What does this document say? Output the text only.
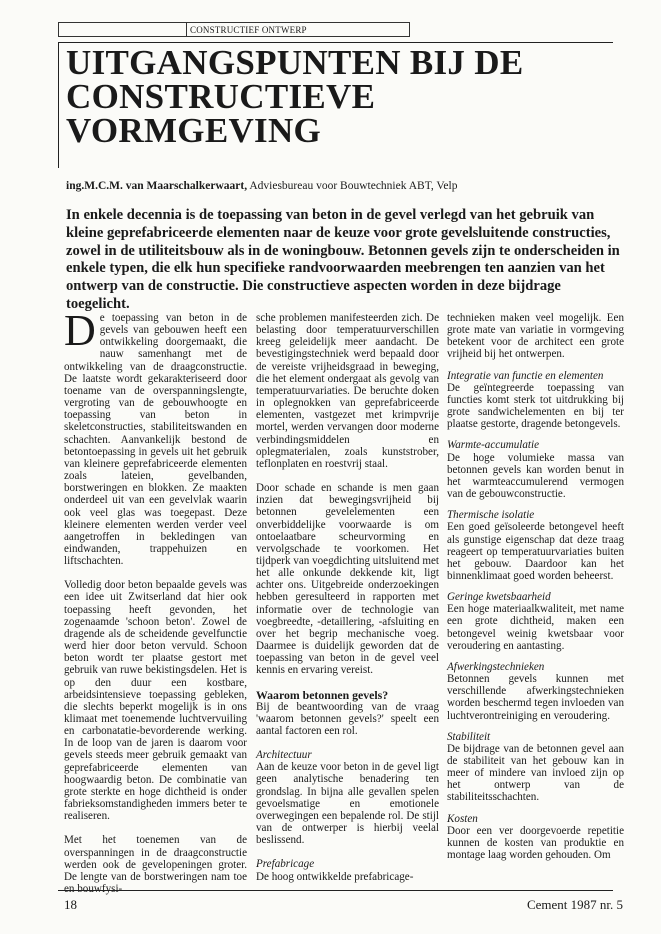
CONSTRUCTIEF ONTWERP
UITGANGSPUNTEN BIJ DE CONSTRUCTIEVE VORMGEVING
ing.M.C.M. van Maarschalkerwaart, Adviesbureau voor Bouwtechniek ABT, Velp

In enkele decennia is de toepassing van beton in de gevel verlegd van het gebruik van kleine geprefabriceerde elementen naar de keuze voor grote gevelsluitende constructies, zowel in de utiliteitsbouw als in de woningbouw. Betonnen gevels zijn te onderscheiden in enkele typen, die elk hun specifieke randvoorwaarden meebrengen ten aanzien van het ontwerp van de constructie. Die constructieve aspecten worden in deze bijdrage toegelicht.

De toepassing van beton in de gevels van gebouwen heeft een ontwikkeling doorgemaakt, die nauw samenhangt met de ontwikkeling van de draagconstructie. De laatste wordt gekarakteriseerd door toename van de overspanningslengte, vergroting van de gebouwhoogte en toepassing van beton in skeletconstructies, stabiliteitswanden en schachten. Aanvankelijk bestond de betontoepassing in gevels uit het gebruik van kleinere geprefabriceerde elementen zoals lateien, gevelbanden, borstweringen en blokken. Ze maakten onderdeel uit van een gevelvlak waarin ook veel glas was toegepast. Deze kleinere elementen werden verder veel aangetroffen in bekledingen van eindwanden, trappehuizen en liftschachten.

Volledig door beton bepaalde gevels was een idee uit Zwitserland dat hier ook toepassing heeft gevonden, het zogenaamde 'schoon beton'. Zowel de dragende als de scheidende gevelfunctie werd hier door beton vervuld. Schoon beton wordt ter plaatse gestort met gebruik van ruwe bekistingsdelen. Het is op den duur een kostbare, arbeidsintensieve toepassing gebleken, die slechts beperkt mogelijk is in ons klimaat met toenemende luchtvervuiling en carbonatatie-bevorderende werking. In de loop van de jaren is daarom voor gevels steeds meer gebruik gemaakt van geprefabriceerde elementen van hoogwaardig beton. De combinatie van grote sterkte en hoge dichtheid is onder fabrieksomstandigheden immers beter te realiseren.

Met het toenemen van de overspanningen in de draagconstructie werden ook de gevelopeningen groter. De lengte van de borstweringen nam toe en bouwfysi-

sche problemen manifesteerden zich. De belasting door temperatuurverschillen kreeg geleidelijk meer aandacht. De bevestigingstechniek werd bepaald door de vereiste vrijheidsgraad in beweging, die het element ondergaat als gevolg van temperatuurvariaties. De beruchte doken in oplegnokken van geprefabriceerde elementen, vastgezet met krimpvrije mortel, werden vervangen door moderne verbindingsmiddelen en oplegmaterialen, zoals kunststrober, teflonplaten en roestvrij staal.

Door schade en schande is men gaan inzien dat bewegingsvrijheid bij betonnen gevelelementen een onverbiddelijke voorwaarde is om ontoelaatbare scheurvorming en vervolgschade te voorkomen. Het tijdperk van voegdichting uitsluitend met het alle onkunde dekkende kit, ligt achter ons. Uitgebreide onderzoekingen hebben geresulteerd in rapporten met informatie over de technologie van voegbreedte, -detaillering, -afsluiting en over het begrip mechanische voeg. Daarmee is duidelijk geworden dat de toepassing van beton in de gevel veel kennis en ervaring vereist.

Waarom betonnen gevels?

Bij de beantwoording van de vraag 'waarom betonnen gevels?' speelt een aantal factoren een rol.

Architectuur

Aan de keuze voor beton in de gevel ligt geen analytische benadering ten grondslag. In bijna alle gevallen spelen gevoelsmatige en emotionele overwegingen een bepalende rol. De stijl van de ontwerper is hierbij veelal beslissend.

Prefabricage

De hoog ontwikkelde prefabricage-

technieken maken veel mogelijk. Een grote mate van variatie in vormgeving betekent voor de architect een grote vrijheid bij het ontwerpen.

Integratie van functie en elementen

De geïntegreerde toepassing van functies komt sterk tot uitdrukking bij grote sandwichelementen en bij ter plaatse gestorte, dragende betongevels.

Warmte-accumulatie

De hoge volumieke massa van betonnen gevels kan worden benut in het warmteaccumulerend vermogen van de gebouwconstructie.

Thermische isolatie

Een goed geïsoleerde betongevel heeft als gunstige eigenschap dat deze traag reageert op temperatuurvariaties buiten het gebouw. Daardoor kan het binnenklimaat goed worden beheerst.

Geringe kwetsbaarheid

Een hoge materiaalkwaliteit, met name een grote dichtheid, maken een betongevel weinig kwetsbaar voor veroudering en aantasting.

Afwerkingstechnieken

Betonnen gevels kunnen met verschillende afwerkingstechnieken worden beschermd tegen invloeden van luchtverontreiniging en veroudering.

Stabiliteit

De bijdrage van de betonnen gevel aan de stabiliteit van het gebouw kan in meer of mindere van invloed zijn op het ontwerp van de stabiliteitsschachten.

Kosten

Door een ver doorgevoerde repetitie kunnen de kosten van produktie en montage laag worden gehouden. Om

18	Cement 1987 nr. 5
